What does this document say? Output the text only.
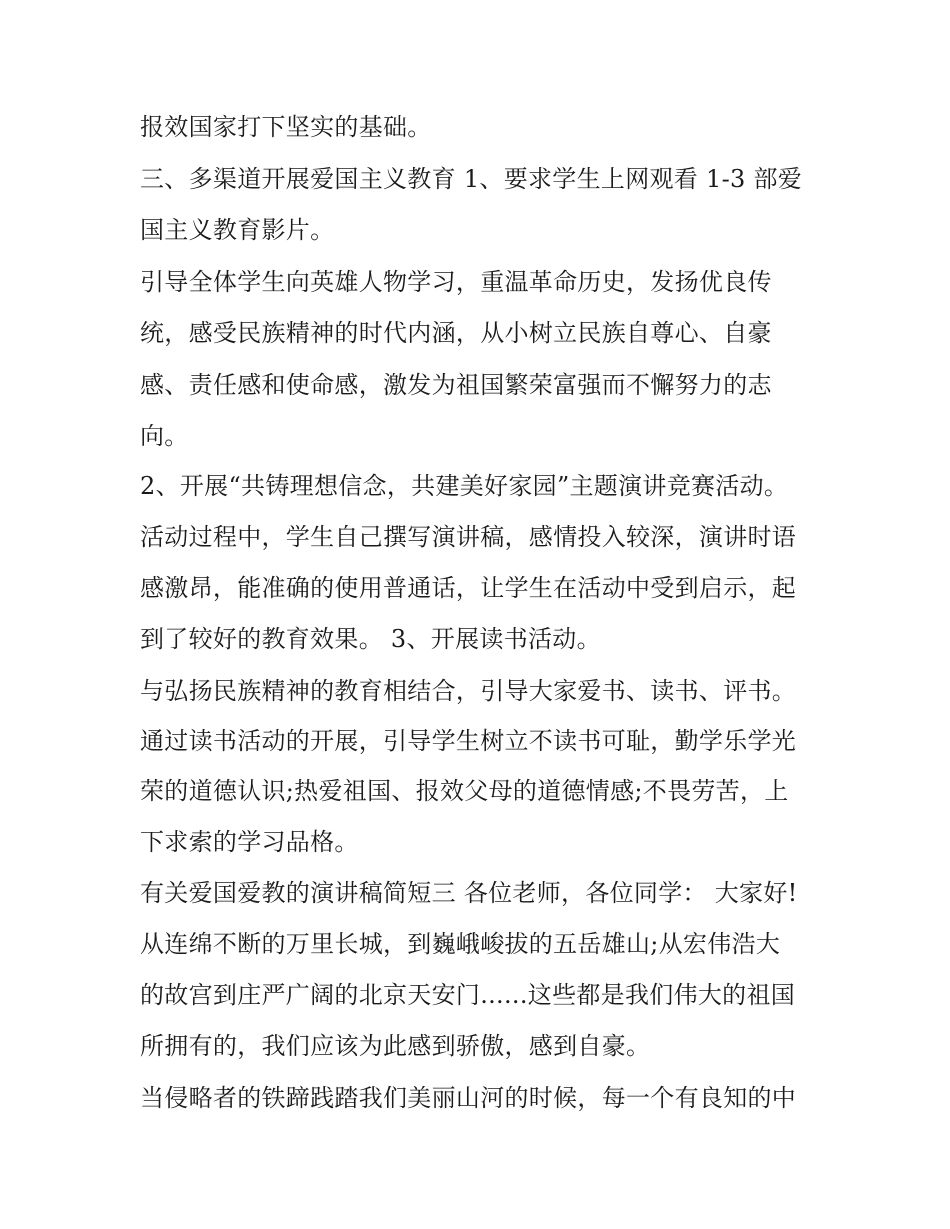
报效国家打下坚实的基础。
三、多渠道开展爱国主义教育 1、要求学生上网观看 1-3 部爱
国主义教育影片。
引导全体学生向英雄人物学习，重温革命历史，发扬优良传
统，感受民族精神的时代内涵，从小树立民族自尊心、自豪
感、责任感和使命感，激发为祖国繁荣富强而不懈努力的志
向。
2、开展“共铸理想信念，共建美好家园”主题演讲竞赛活动。
活动过程中，学生自己撰写演讲稿，感情投入较深，演讲时语
感激昂，能准确的使用普通话，让学生在活动中受到启示，起
到了较好的教育效果。 3、开展读书活动。
与弘扬民族精神的教育相结合，引导大家爱书、读书、评书。
通过读书活动的开展，引导学生树立不读书可耻，勤学乐学光
荣的道德认识;热爱祖国、报效父母的道德情感;不畏劳苦，上
下求索的学习品格。
有关爱国爱教的演讲稿简短三 各位老师，各位同学： 大家好!
从连绵不断的万里长城，到巍峨峻拔的五岳雄山;从宏伟浩大
的故宫到庄严广阔的北京天安门......这些都是我们伟大的祖国
所拥有的，我们应该为此感到骄傲，感到自豪。
当侵略者的铁蹄践踏我们美丽山河的时候，每一个有良知的中
